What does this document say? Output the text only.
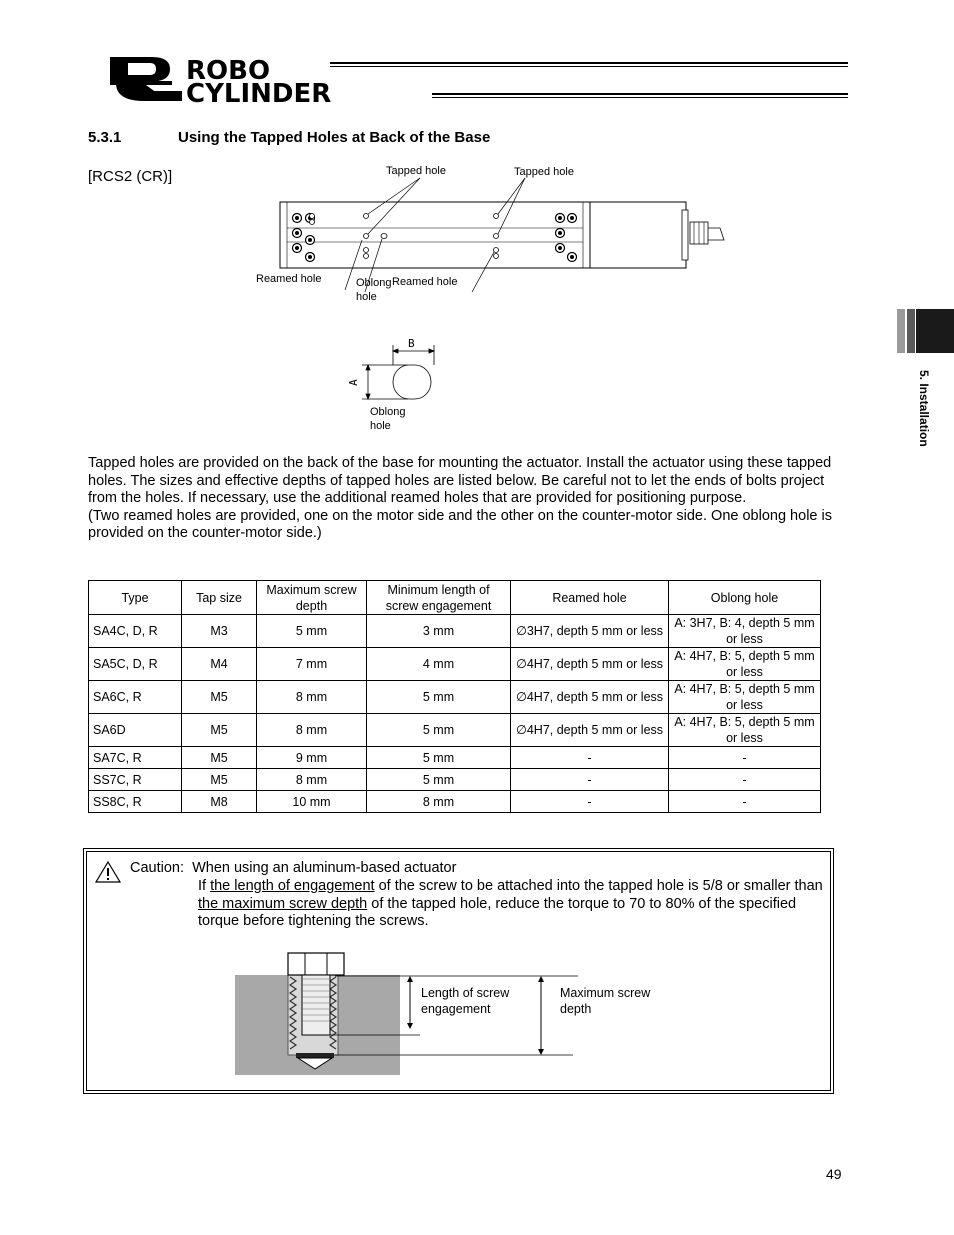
ROBO
CYLINDER
5.3.1	Using the Tapped Holes at Back of the Base
[RCS2 (CR)]	Tapped hole	Tapped hole
Reamed hole	Oblong hole
Reamed hole
B
A
Oblong hole	5. Installation

Tapped holes are provided on the back of the base for mounting the actuator. Install the actuator using these tapped holes. The sizes and effective depths of tapped holes are listed below. Be careful not to let the ends of bolts project from the holes. If necessary, use the additional reamed holes that are provided for positioning purpose.

(Two reamed holes are provided, one on the motor side and the other on the counter-motor side. One oblong hole is provided on the counter-motor side.)

Type	Tap size	Maximum screw depth	Minimum length of screw engagement	Reamed hole	Oblong hole
SA4C, D, R	M3	5 mm	3 mm	∅3H7, depth 5 mm or less	A: 3H7, B: 4, depth 5 mm or less
SA5C, D, R	M4	7 mm	4 mm	∅4H7, depth 5 mm or less	A: 4H7, B: 5, depth 5 mm or less
SA6C, R	M5	8 mm	5 mm	∅4H7, depth 5 mm or less	A: 4H7, B: 5, depth 5 mm or less
SA6D	M5	8 mm	5 mm	∅4H7, depth 5 mm or less	A: 4H7, B: 5, depth 5 mm or less
SA7C, R	M5	9 mm	5 mm	-	-
SS7C, R	M5	8 mm	5 mm	-	-
SS8C, R	M8	10 mm	8 mm	-	-
Caution: When using an aluminum-based actuator
If the length of engagement of the screw to be attached into the tapped hole is 5/8 or smaller than the maximum screw depth of the tapped hole, reduce the torque to 70 to 80% of the specified torque before tightening the screws.
Length of screw engagement
Maximum screw depth
49
